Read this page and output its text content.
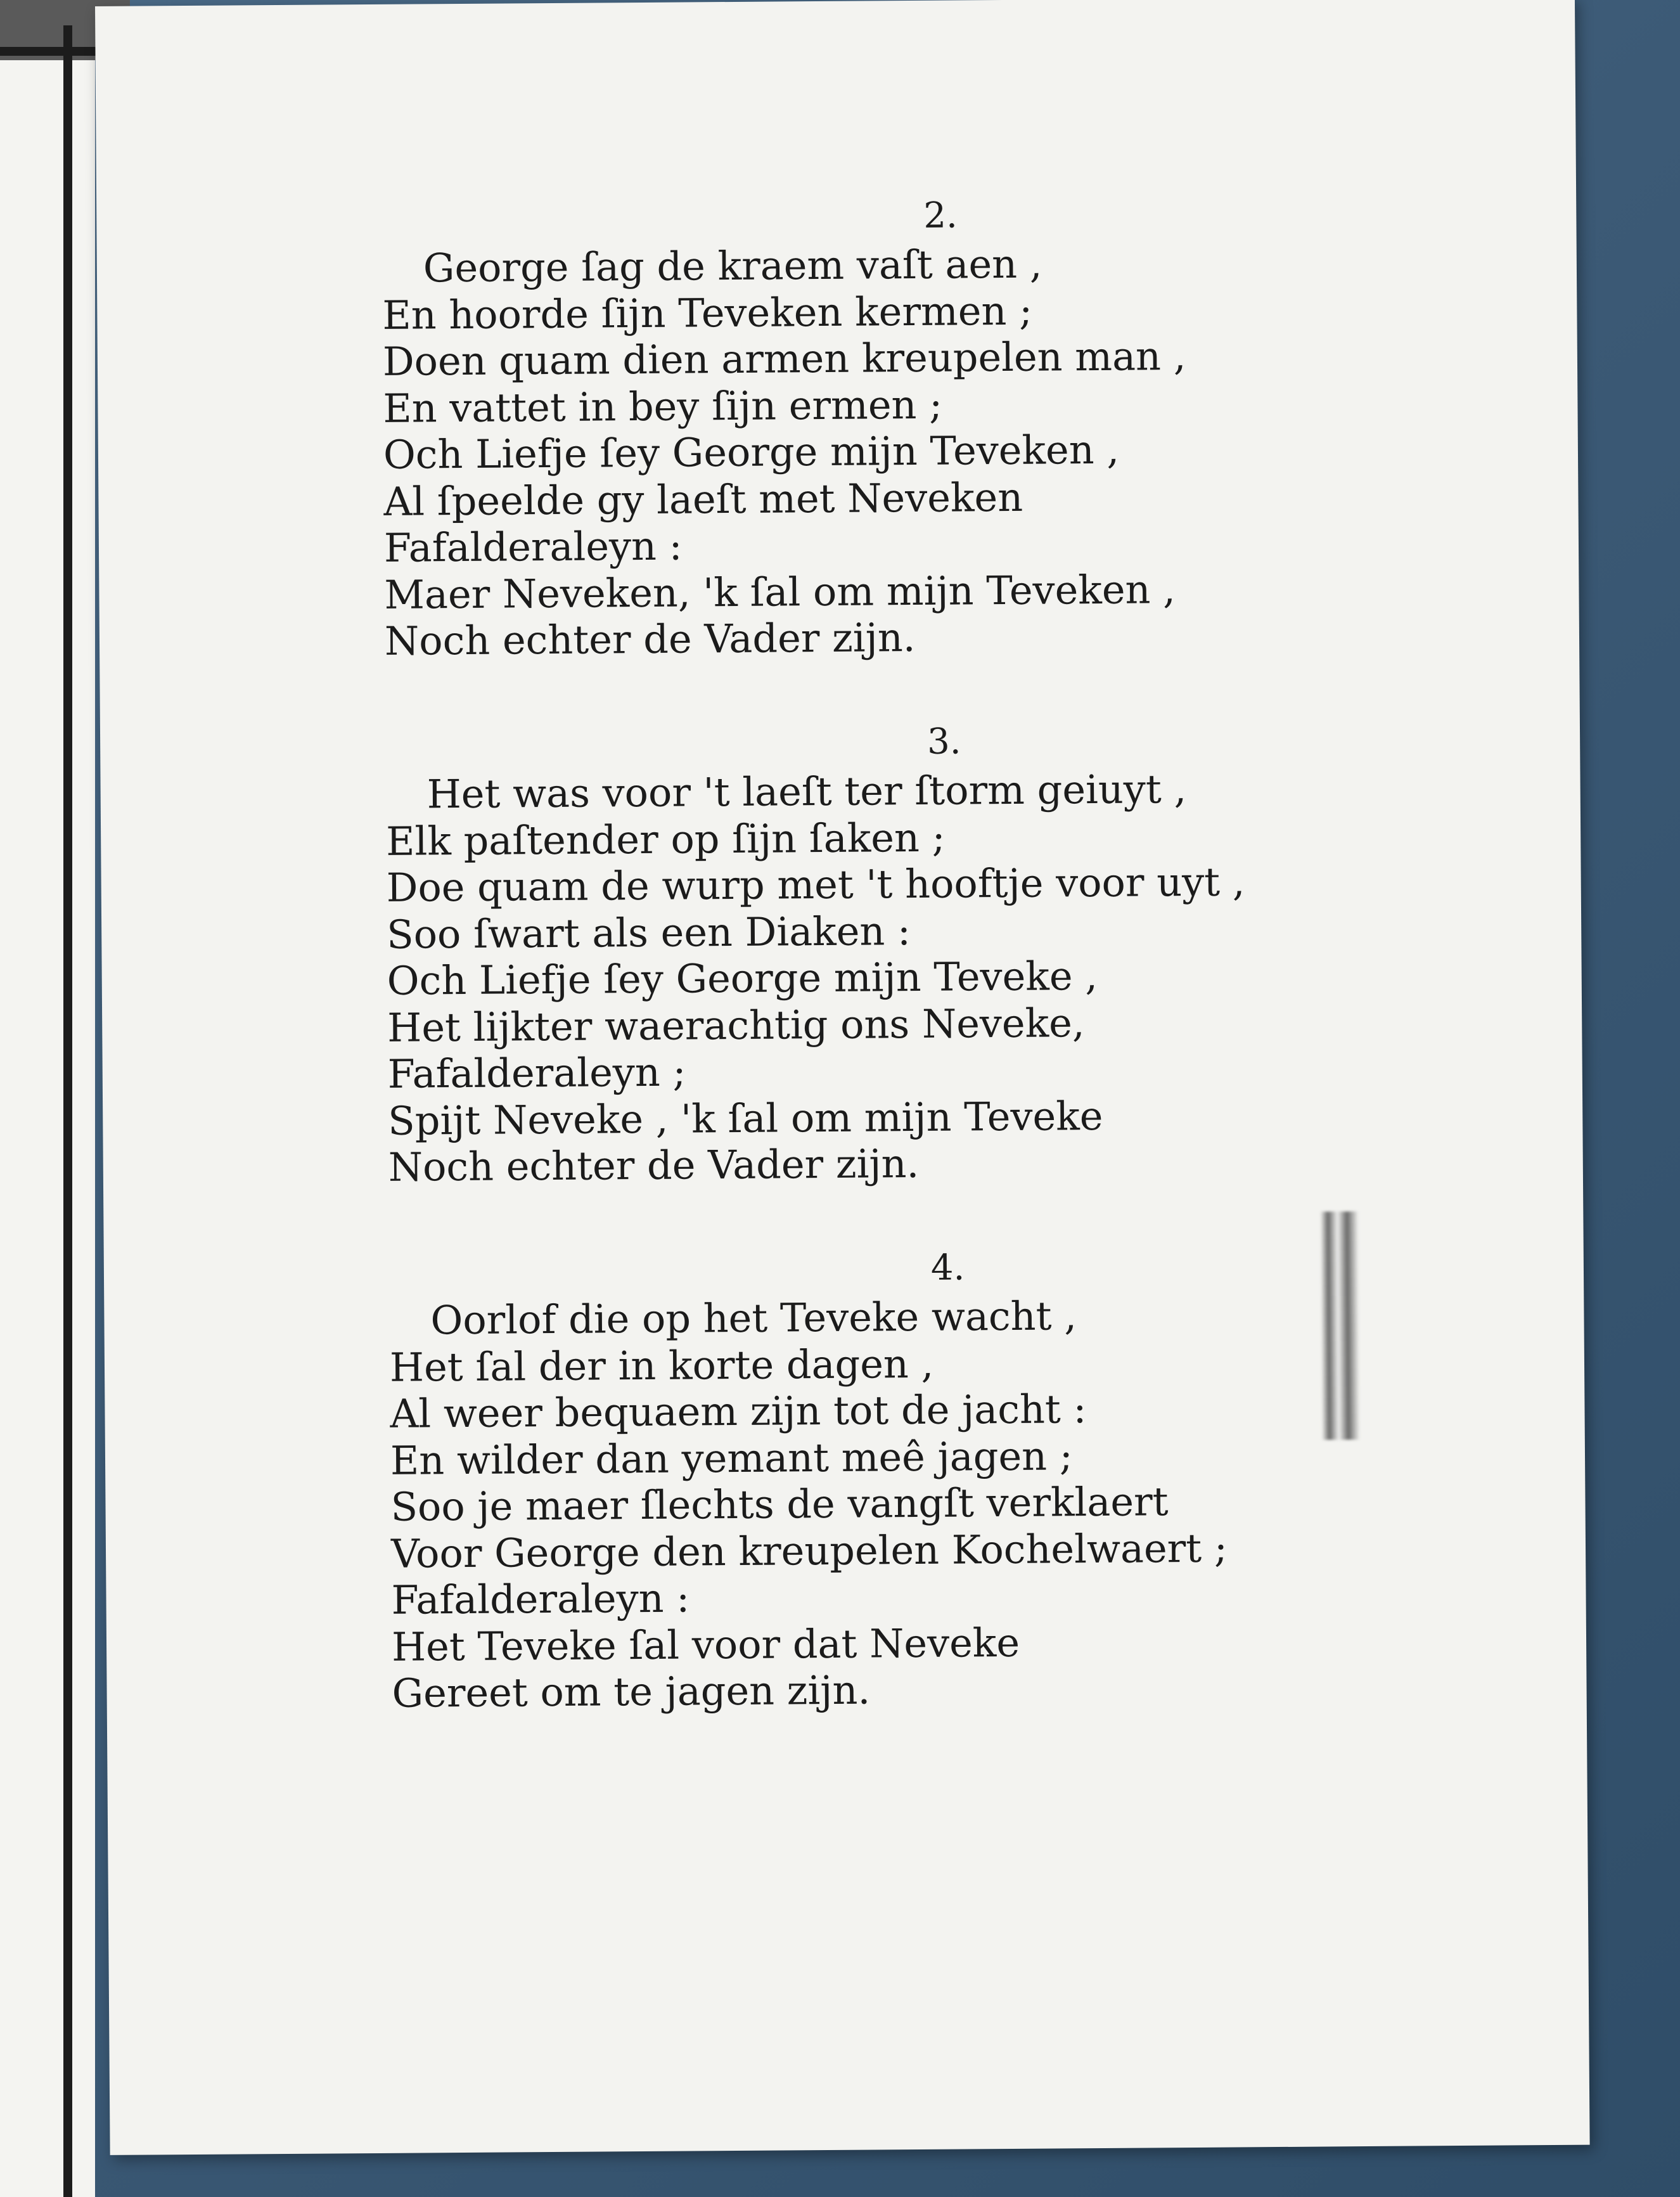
2.
George ſag de kraem vaſt aen ,
En hoorde ſijn Teveken kermen ;
Doen quam dien armen kreupelen man ,
En vattet in bey ſijn ermen ;
Och Liefje ſey George mijn Teveken ,
Al ſpeelde gy laeſt met Neveken
Fafalderaleyn :
Maer Neveken, 'k ſal om mijn Teveken ,
Noch echter de Vader zijn.
3.
Het was voor 't laeſt ter ſtorm geiuyt ,
Elk paſtender op ſijn ſaken ;
Doe quam de wurp met 't hooftje voor uyt ,
Soo ſwart als een Diaken :
Och Liefje ſey George mijn Teveke ,
Het lijkter waerachtig ons Neveke,
Fafalderaleyn ;
Spijt Neveke , 'k ſal om mijn Teveke
Noch echter de Vader zijn.
4.
Oorlof die op het Teveke wacht ,
Het ſal der in korte dagen ,
Al weer bequaem zijn tot de jacht :
En wilder dan yemant meê jagen ;
Soo je maer ſlechts de vangſt verklaert
Voor George den kreupelen Kochelwaert ;
Fafalderaleyn :
Het Teveke ſal voor dat Neveke
Gereet om te jagen zijn.
